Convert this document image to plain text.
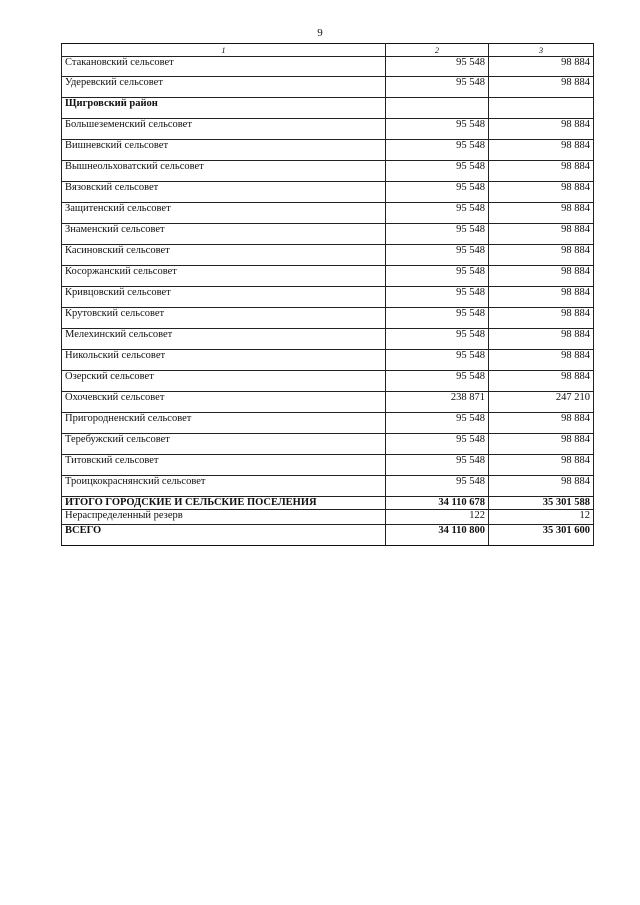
9
1	2	3
Стакановский сельсовет	95 548	98 884
Удеревский сельсовет	95 548	98 884
Щигровский район		
Большеземенский сельсовет	95 548	98 884
Вишневский сельсовет	95 548	98 884
Вышнеольховатский сельсовет	95 548	98 884
Вязовский сельсовет	95 548	98 884
Защитенский сельсовет	95 548	98 884
Знаменский сельсовет	95 548	98 884
Касиновский сельсовет	95 548	98 884
Косоржанский сельсовет	95 548	98 884
Кривцовский сельсовет	95 548	98 884
Крутовский сельсовет	95 548	98 884
Мелехинский сельсовет	95 548	98 884
Никольский сельсовет	95 548	98 884
Озерский сельсовет	95 548	98 884
Охочевский сельсовет	238 871	247 210
Пригородненский сельсовет	95 548	98 884
Теребужский сельсовет	95 548	98 884
Титовский сельсовет	95 548	98 884
Троицкокраснянский сельсовет	95 548	98 884
ИТОГО ГОРОДСКИЕ И СЕЛЬСКИЕ ПОСЕЛЕНИЯ	34 110 678	35 301 588
Нераспределенный резерв	122	12
ВСЕГО	34 110 800	35 301 600
